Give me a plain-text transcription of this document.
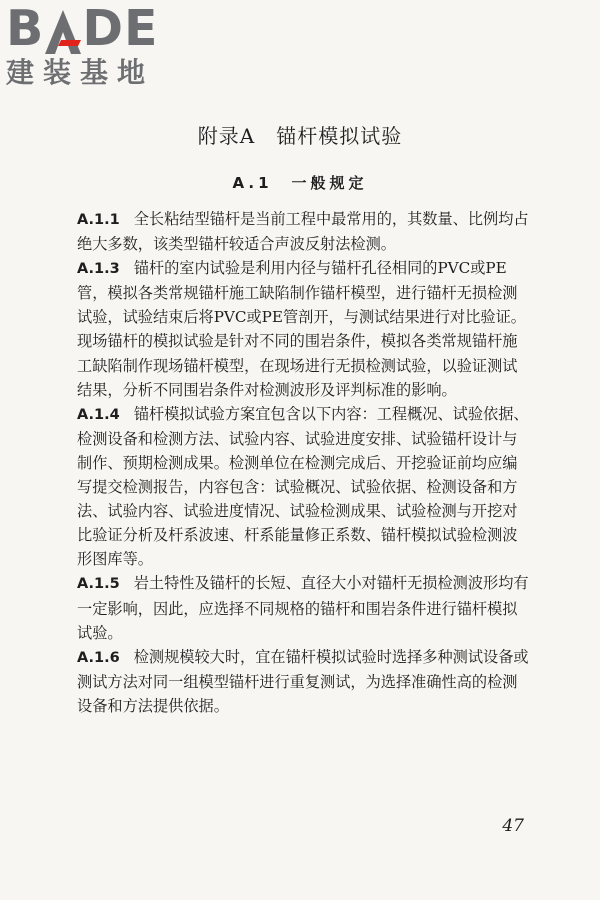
B DE
建装基地
附录A　锚杆模拟试验
A.1　一般规定

A.1.1 全长粘结型锚杆是当前工程中最常用的，其数量、比例均占绝大多数，该类型锚杆较适合声波反射法检测。

A.1.3 锚杆的室内试验是利用内径与锚杆孔径相同的PVC或PE管，模拟各类常规锚杆施工缺陷制作锚杆模型，进行锚杆无损检测试验，试验结束后将PVC或PE管剖开，与测试结果进行对比验证。现场锚杆的模拟试验是针对不同的围岩条件，模拟各类常规锚杆施工缺陷制作现场锚杆模型，在现场进行无损检测试验，以验证测试结果，分析不同围岩条件对检测波形及评判标准的影响。

A.1.4 锚杆模拟试验方案宜包含以下内容：工程概况、试验依据、检测设备和检测方法、试验内容、试验进度安排、试验锚杆设计与制作、预期检测成果。检测单位在检测完成后、开挖验证前均应编写提交检测报告，内容包含：试验概况、试验依据、检测设备和方法、试验内容、试验进度情况、试验检测成果、试验检测与开挖对比验证分析及杆系波速、杆系能量修正系数、锚杆模拟试验检测波形图库等。

A.1.5 岩土特性及锚杆的长短、直径大小对锚杆无损检测波形均有一定影响，因此，应选择不同规格的锚杆和围岩条件进行锚杆模拟试验。

A.1.6 检测规模较大时，宜在锚杆模拟试验时选择多种测试设备或测试方法对同一组模型锚杆进行重复测试，为选择准确性高的检测设备和方法提供依据。

47
